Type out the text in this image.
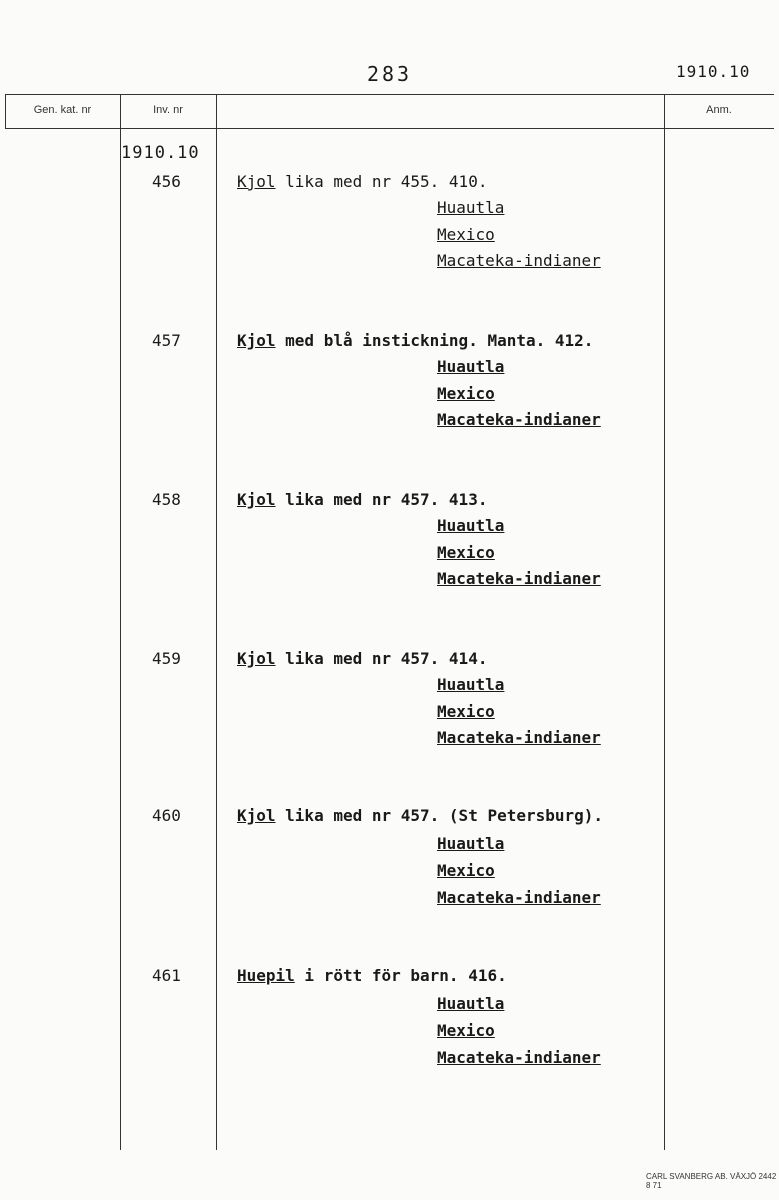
283	1910.10
Gen. kat. nr	Inv. nr	Anm.
1910.10
456	Kjol lika med nr 455. 410.
Huautla
Mexico
Macateka-indianer
457	Kjol med blå instickning. Manta. 412.
Huautla
Mexico
Macateka-indianer
458	Kjol lika med nr 457. 413.
Huautla
Mexico
Macateka-indianer
459	Kjol lika med nr 457. 414.
Huautla
Mexico
Macateka-indianer
460	Kjol lika med nr 457. (St Petersburg).
Huautla
Mexico
Macateka-indianer
461	Huepil i rött för barn. 416.
Huautla
Mexico
Macateka-indianer
CARL SVANBERG AB. VÄXJÖ 2442 8 71
